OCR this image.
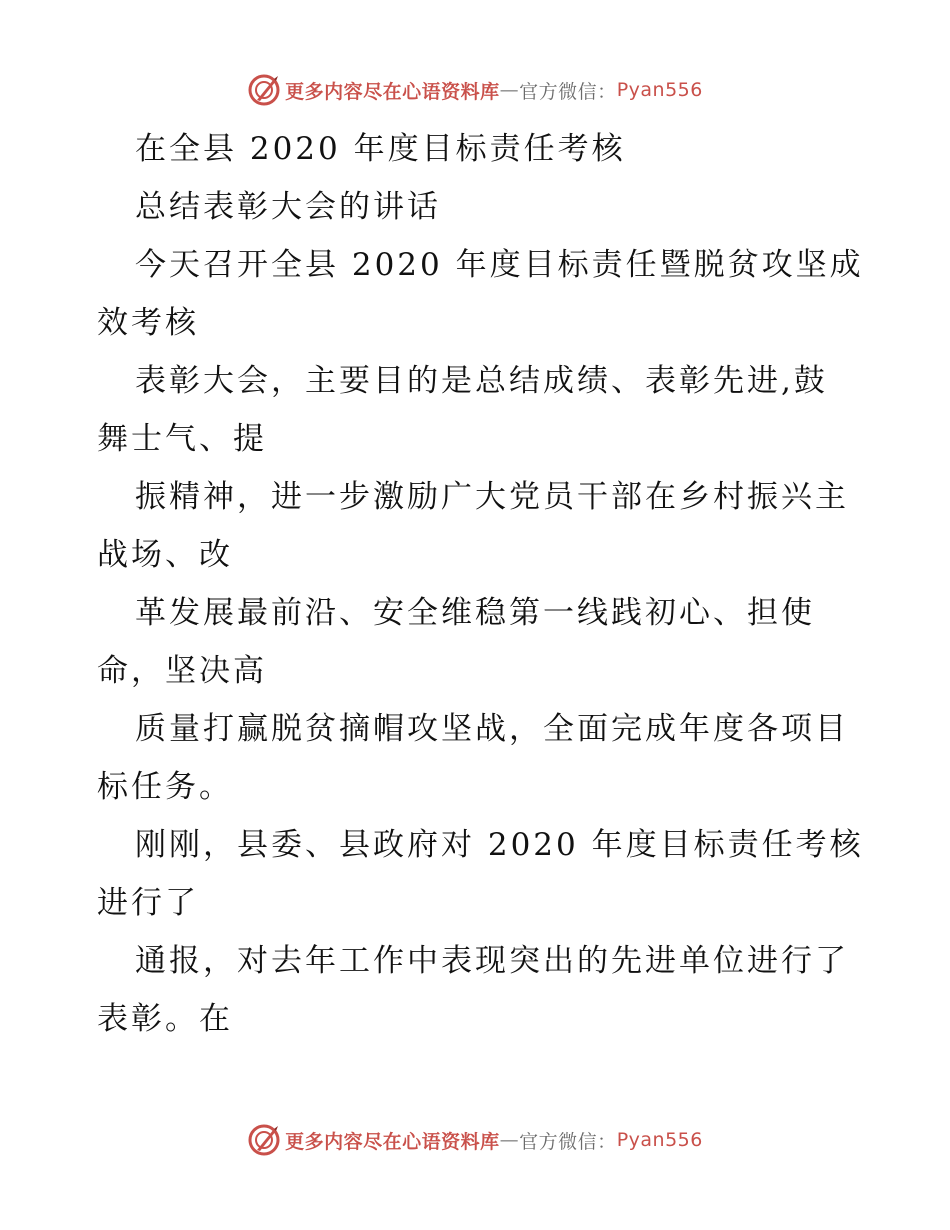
更多内容尽在心语资料库 — 官方微信： Pyan556
在全县 2020 年度目标责任考核
总结表彰大会的讲话
今天召开全县 2020 年度目标责任暨脱贫攻坚成
效考核
表彰大会，主要目的是总结成绩、表彰先进,鼓
舞士气、提
振精神，进一步激励广大党员干部在乡村振兴主
战场、改
革发展最前沿、安全维稳第一线践初心、担使
命，坚决高
质量打赢脱贫摘帽攻坚战，全面完成年度各项目
标任务。
刚刚，县委、县政府对 2020 年度目标责任考核
进行了
通报，对去年工作中表现突出的先进单位进行了
表彰。在
更多内容尽在心语资料库 — 官方微信： Pyan556
